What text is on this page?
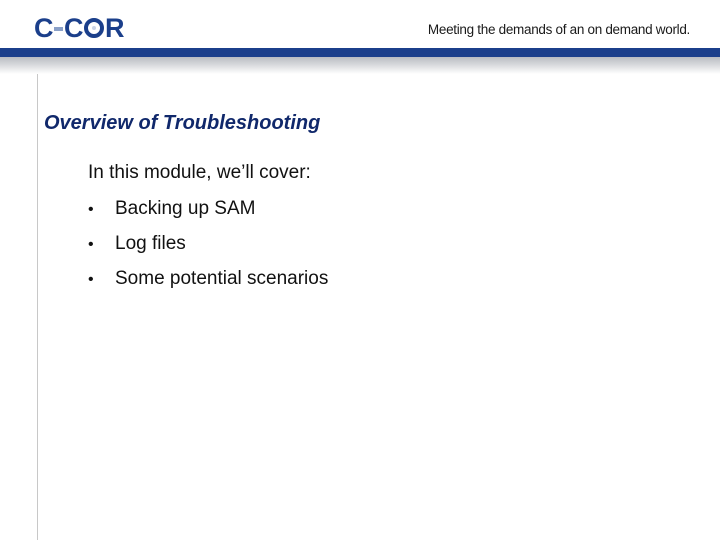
C C R	Meeting the demands of an on demand world.
Overview of Troubleshooting
In this module, we’ll cover:
•	Backing up SAM
•	Log files
•	Some potential scenarios
